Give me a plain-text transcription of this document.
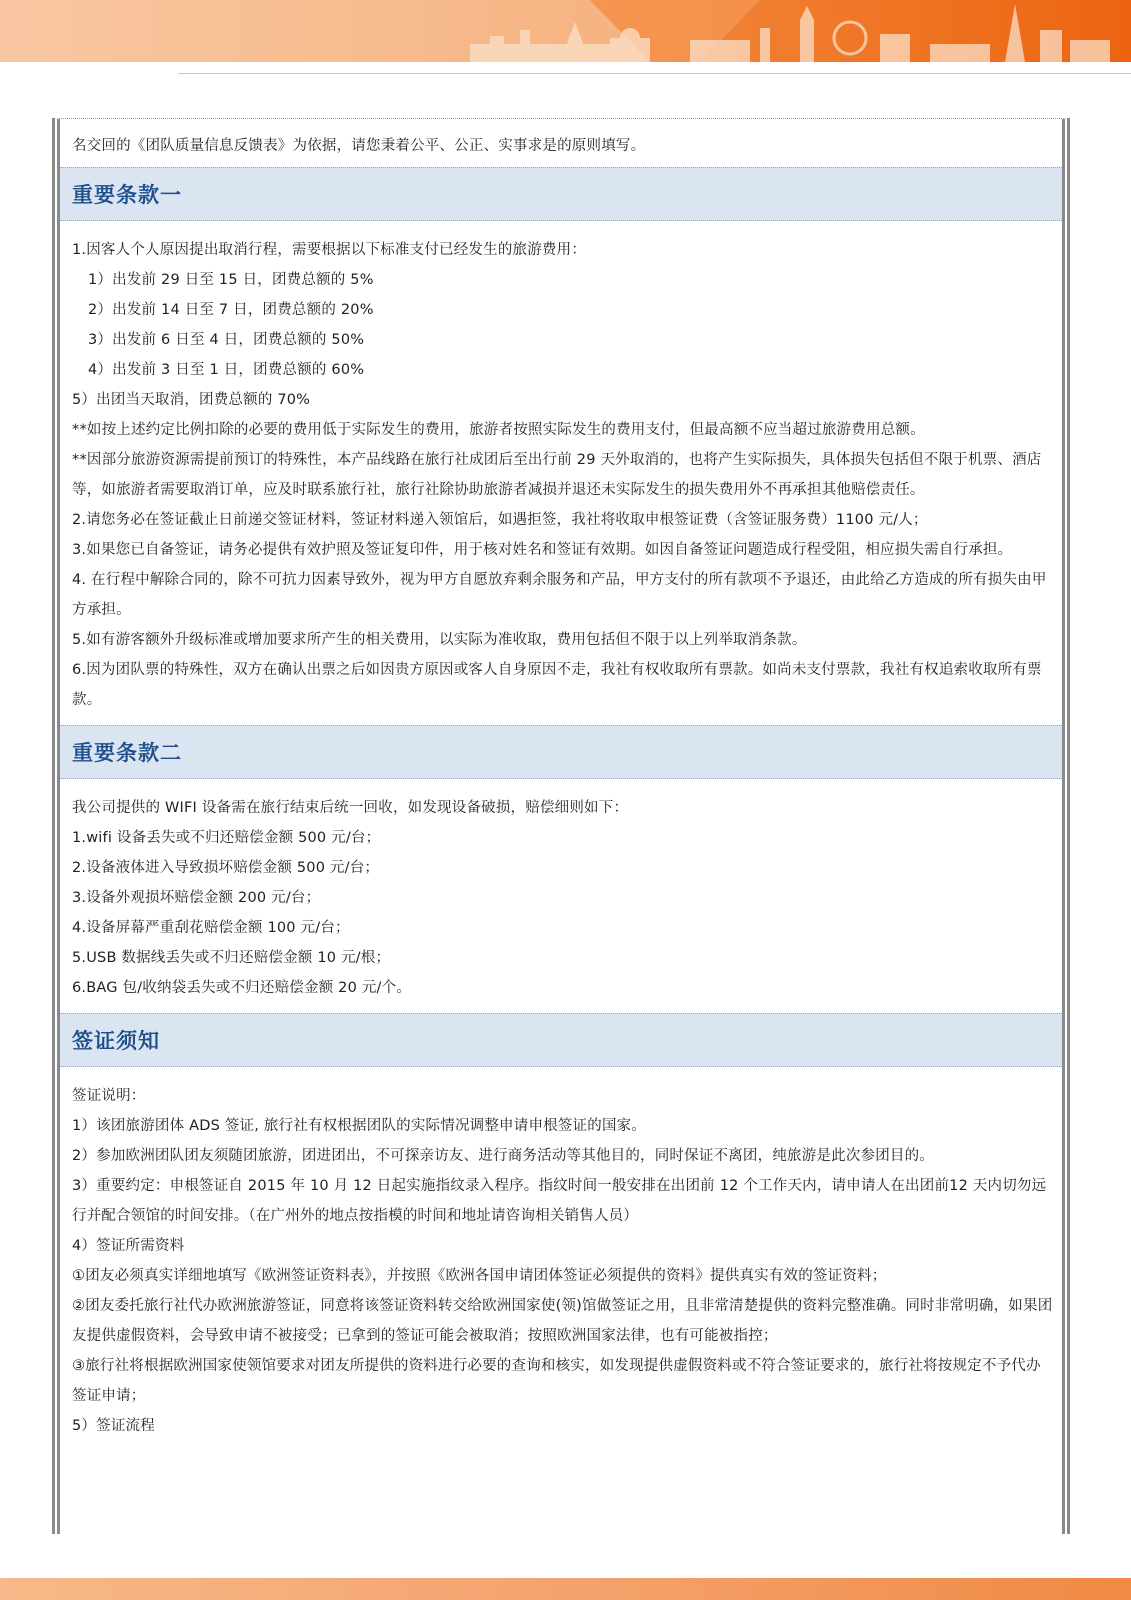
名交回的《团队质量信息反馈表》为依据，请您秉着公平、公正、实事求是的原则填写。

重要条款一

1.因客人个人原因提出取消行程，需要根据以下标准支付已经发生的旅游费用：

1）出发前 29 日至 15 日，团费总额的 5%

2）出发前 14 日至 7 日，团费总额的 20%

3）出发前 6 日至 4 日，团费总额的 50%

4）出发前 3 日至 1 日，团费总额的 60%

5）出团当天取消，团费总额的 70%

**如按上述约定比例扣除的必要的费用低于实际发生的费用，旅游者按照实际发生的费用支付，但最高额不应当超过旅游费用总额。

**因部分旅游资源需提前预订的特殊性，本产品线路在旅行社成团后至出行前 29 天外取消的，也将产生实际损失，具体损失包括但不限于机票、酒店等，如旅游者需要取消订单，应及时联系旅行社，旅行社除协助旅游者减损并退还未实际发生的损失费用外不再承担其他赔偿责任。

2.请您务必在签证截止日前递交签证材料，签证材料递入领馆后，如遇拒签，我社将收取申根签证费（含签证服务费）1100 元/人；

3.如果您已自备签证，请务必提供有效护照及签证复印件，用于核对姓名和签证有效期。如因自备签证问题造成行程受阻，相应损失需自行承担。

4. 在行程中解除合同的，除不可抗力因素导致外，视为甲方自愿放弃剩余服务和产品，甲方支付的所有款项不予退还，由此给乙方造成的所有损失由甲方承担。

5.如有游客额外升级标准或增加要求所产生的相关费用，以实际为准收取，费用包括但不限于以上列举取消条款。

6.因为团队票的特殊性，双方在确认出票之后如因贵方原因或客人自身原因不走，我社有权收取所有票款。如尚未支付票款，我社有权追索收取所有票款。

重要条款二

我公司提供的 WIFI 设备需在旅行结束后统一回收，如发现设备破损，赔偿细则如下：

1.wifi 设备丢失或不归还赔偿金额 500 元/台；

2.设备液体进入导致损坏赔偿金额 500 元/台；

3.设备外观损坏赔偿金额 200 元/台；

4.设备屏幕严重刮花赔偿金额 100 元/台；

5.USB 数据线丢失或不归还赔偿金额 10 元/根；

6.BAG 包/收纳袋丢失或不归还赔偿金额 20 元/个。

签证须知

签证说明：

1）该团旅游团体 ADS 签证, 旅行社有权根据团队的实际情况调整申请申根签证的国家。

2）参加欧洲团队团友须随团旅游，团进团出，不可探亲访友、进行商务活动等其他目的，同时保证不离团，纯旅游是此次参团目的。

3）重要约定：申根签证自 2015 年 10 月 12 日起实施指纹录入程序。指纹时间一般安排在出团前 12 个工作天内，请申请人在出团前12 天内切勿远行并配合领馆的时间安排。（在广州外的地点按指模的时间和地址请咨询相关销售人员）

4）签证所需资料

①团友必须真实详细地填写《欧洲签证资料表》，并按照《欧洲各国申请团体签证必须提供的资料》提供真实有效的签证资料；

②团友委托旅行社代办欧洲旅游签证，同意将该签证资料转交给欧洲国家使(领)馆做签证之用，且非常清楚提供的资料完整准确。同时非常明确，如果团友提供虚假资料，会导致申请不被接受；已拿到的签证可能会被取消；按照欧洲国家法律，也有可能被指控；

③旅行社将根据欧洲国家使领馆要求对团友所提供的资料进行必要的查询和核实，如发现提供虚假资料或不符合签证要求的，旅行社将按规定不予代办签证申请；

5）签证流程
